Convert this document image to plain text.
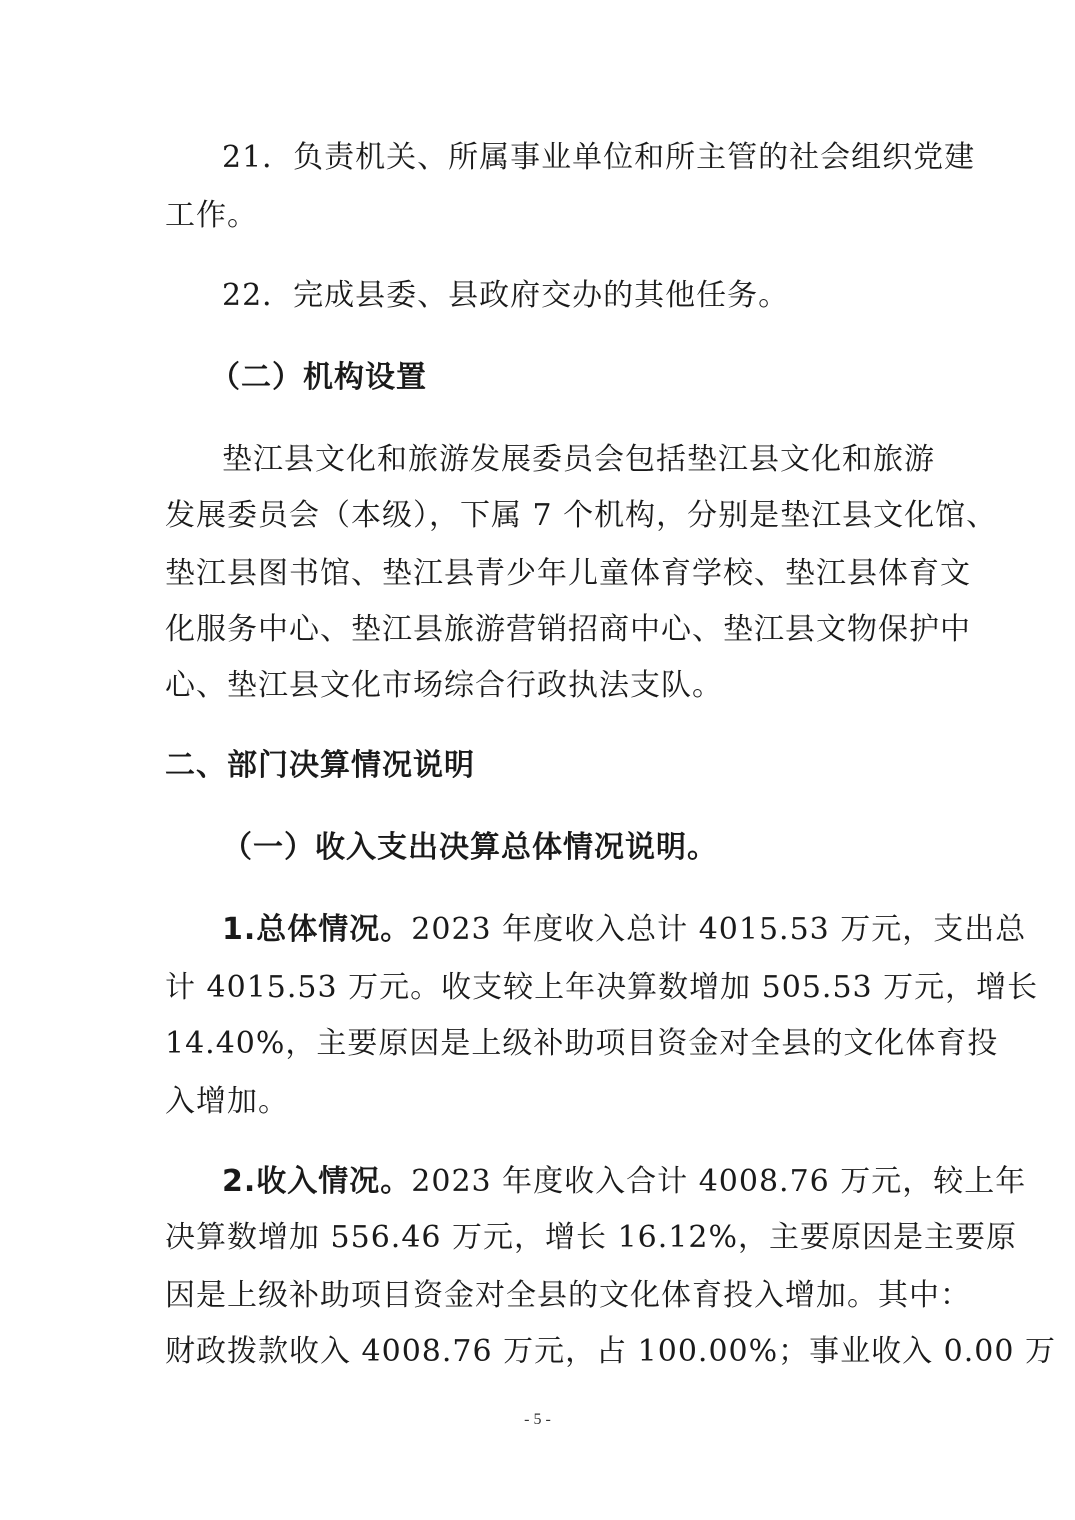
21．负责机关、所属事业单位和所主管的社会组织党建
工作。
22．完成县委、县政府交办的其他任务。
（二）机构设置
垫江县文化和旅游发展委员会包括垫江县文化和旅游
发展委员会（本级），下属 7 个机构，分别是垫江县文化馆、
垫江县图书馆、垫江县青少年儿童体育学校、垫江县体育文
化服务中心、垫江县旅游营销招商中心、垫江县文物保护中
心、垫江县文化市场综合行政执法支队。
二、部门决算情况说明
（一）收入支出决算总体情况说明。
1.总体情况。2023 年度收入总计 4015.53 万元，支出总
计 4015.53 万元。收支较上年决算数增加 505.53 万元，增长
14.40%，主要原因是上级补助项目资金对全县的文化体育投
入增加。
2.收入情况。2023 年度收入合计 4008.76 万元，较上年
决算数增加 556.46 万元，增长 16.12%，主要原因是主要原
因是上级补助项目资金对全县的文化体育投入增加。其中：
财政拨款收入 4008.76 万元，占 100.00%；事业收入 0.00 万
- 5 -
